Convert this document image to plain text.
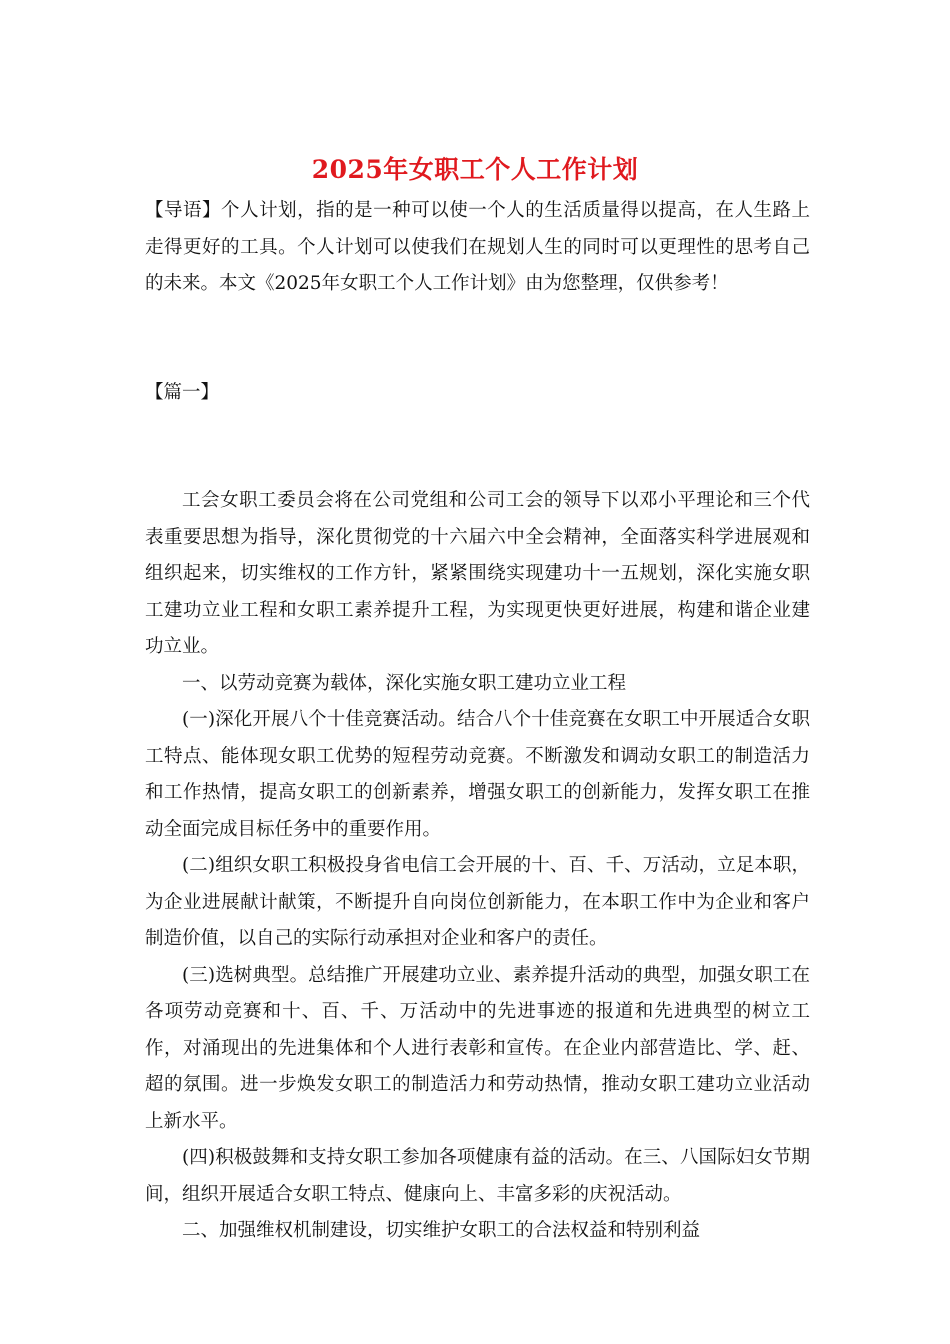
2025年女职工个人工作计划

【导语】个人计划，指的是一种可以使一个人的生活质量得以提高，在人生路上走得更好的工具。个人计划可以使我们在规划人生的同时可以更理性的思考自己的未来。本文《2025年女职工个人工作计划》由为您整理，仅供参考！

【篇一】

工会女职工委员会将在公司党组和公司工会的领导下以邓小平理论和三个代表重要思想为指导，深化贯彻党的十六届六中全会精神，全面落实科学进展观和组织起来，切实维权的工作方针，紧紧围绕实现建功十一五规划，深化实施女职工建功立业工程和女职工素养提升工程，为实现更快更好进展，构建和谐企业建功立业。

一、以劳动竞赛为载体，深化实施女职工建功立业工程

(一)深化开展八个十佳竞赛活动。结合八个十佳竞赛在女职工中开展适合女职工特点、能体现女职工优势的短程劳动竞赛。不断激发和调动女职工的制造活力和工作热情，提高女职工的创新素养，增强女职工的创新能力，发挥女职工在推动全面完成目标任务中的重要作用。

(二)组织女职工积极投身省电信工会开展的十、百、千、万活动，立足本职，为企业进展献计献策，不断提升自向岗位创新能力，在本职工作中为企业和客户制造价值，以自己的实际行动承担对企业和客户的责任。

(三)选树典型。总结推广开展建功立业、素养提升活动的典型，加强女职工在各项劳动竞赛和十、百、千、万活动中的先进事迹的报道和先进典型的树立工作，对涌现出的先进集体和个人进行表彰和宣传。在企业内部营造比、学、赶、超的氛围。进一步焕发女职工的制造活力和劳动热情，推动女职工建功立业活动上新水平。

(四)积极鼓舞和支持女职工参加各项健康有益的活动。在三、八国际妇女节期间，组织开展适合女职工特点、健康向上、丰富多彩的庆祝活动。

二、加强维权机制建设，切实维护女职工的合法权益和特别利益
